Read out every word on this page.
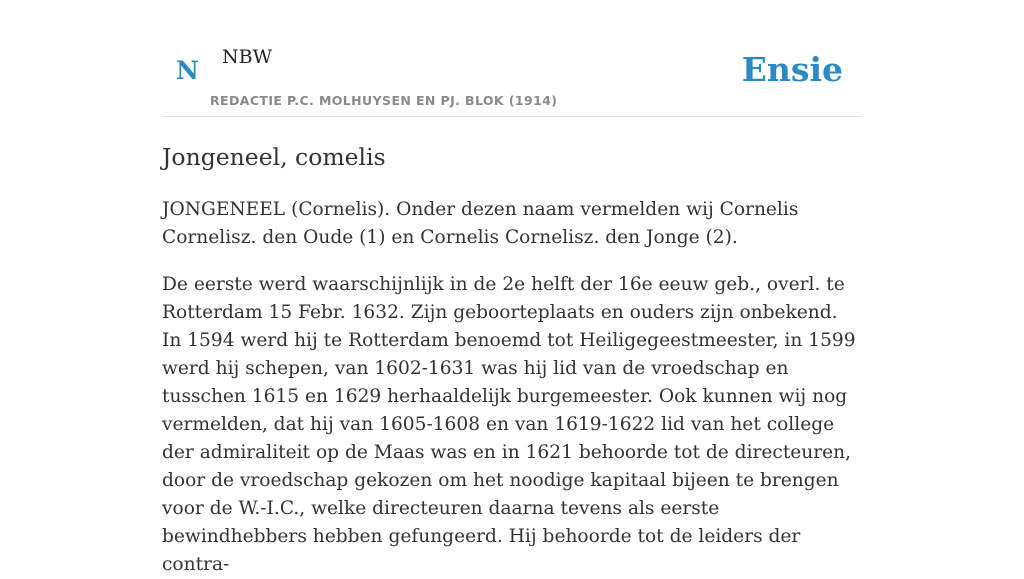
N NBW
REDACTIE P.C. MOLHUYSEN EN PJ. BLOK (1914)
Ensie
Jongeneel, comelis

JONGENEEL (Cornelis). Onder dezen naam vermelden wij Cornelis Cornelisz. den Oude (1) en Cornelis Cornelisz. den Jonge (2).

De eerste werd waarschijnlijk in de 2e helft der 16e eeuw geb., overl. te Rotterdam 15 Febr. 1632. Zijn geboorteplaats en ouders zijn onbekend. In 1594 werd hij te Rotterdam benoemd tot Heiligegeestmeester, in 1599 werd hij schepen, van 1602-1631 was hij lid van de vroedschap en tusschen 1615 en 1629 herhaaldelijk burgemeester. Ook kunnen wij nog vermelden, dat hij van 1605-1608 en van 1619-1622 lid van het college der admiraliteit op de Maas was en in 1621 behoorde tot de directeuren, door de vroedschap gekozen om het noodige kapitaal bijeen te brengen voor de W.-I.C., welke directeuren daarna tevens als eerste bewindhebbers hebben gefungeerd. Hij behoorde tot de leiders der contra-
